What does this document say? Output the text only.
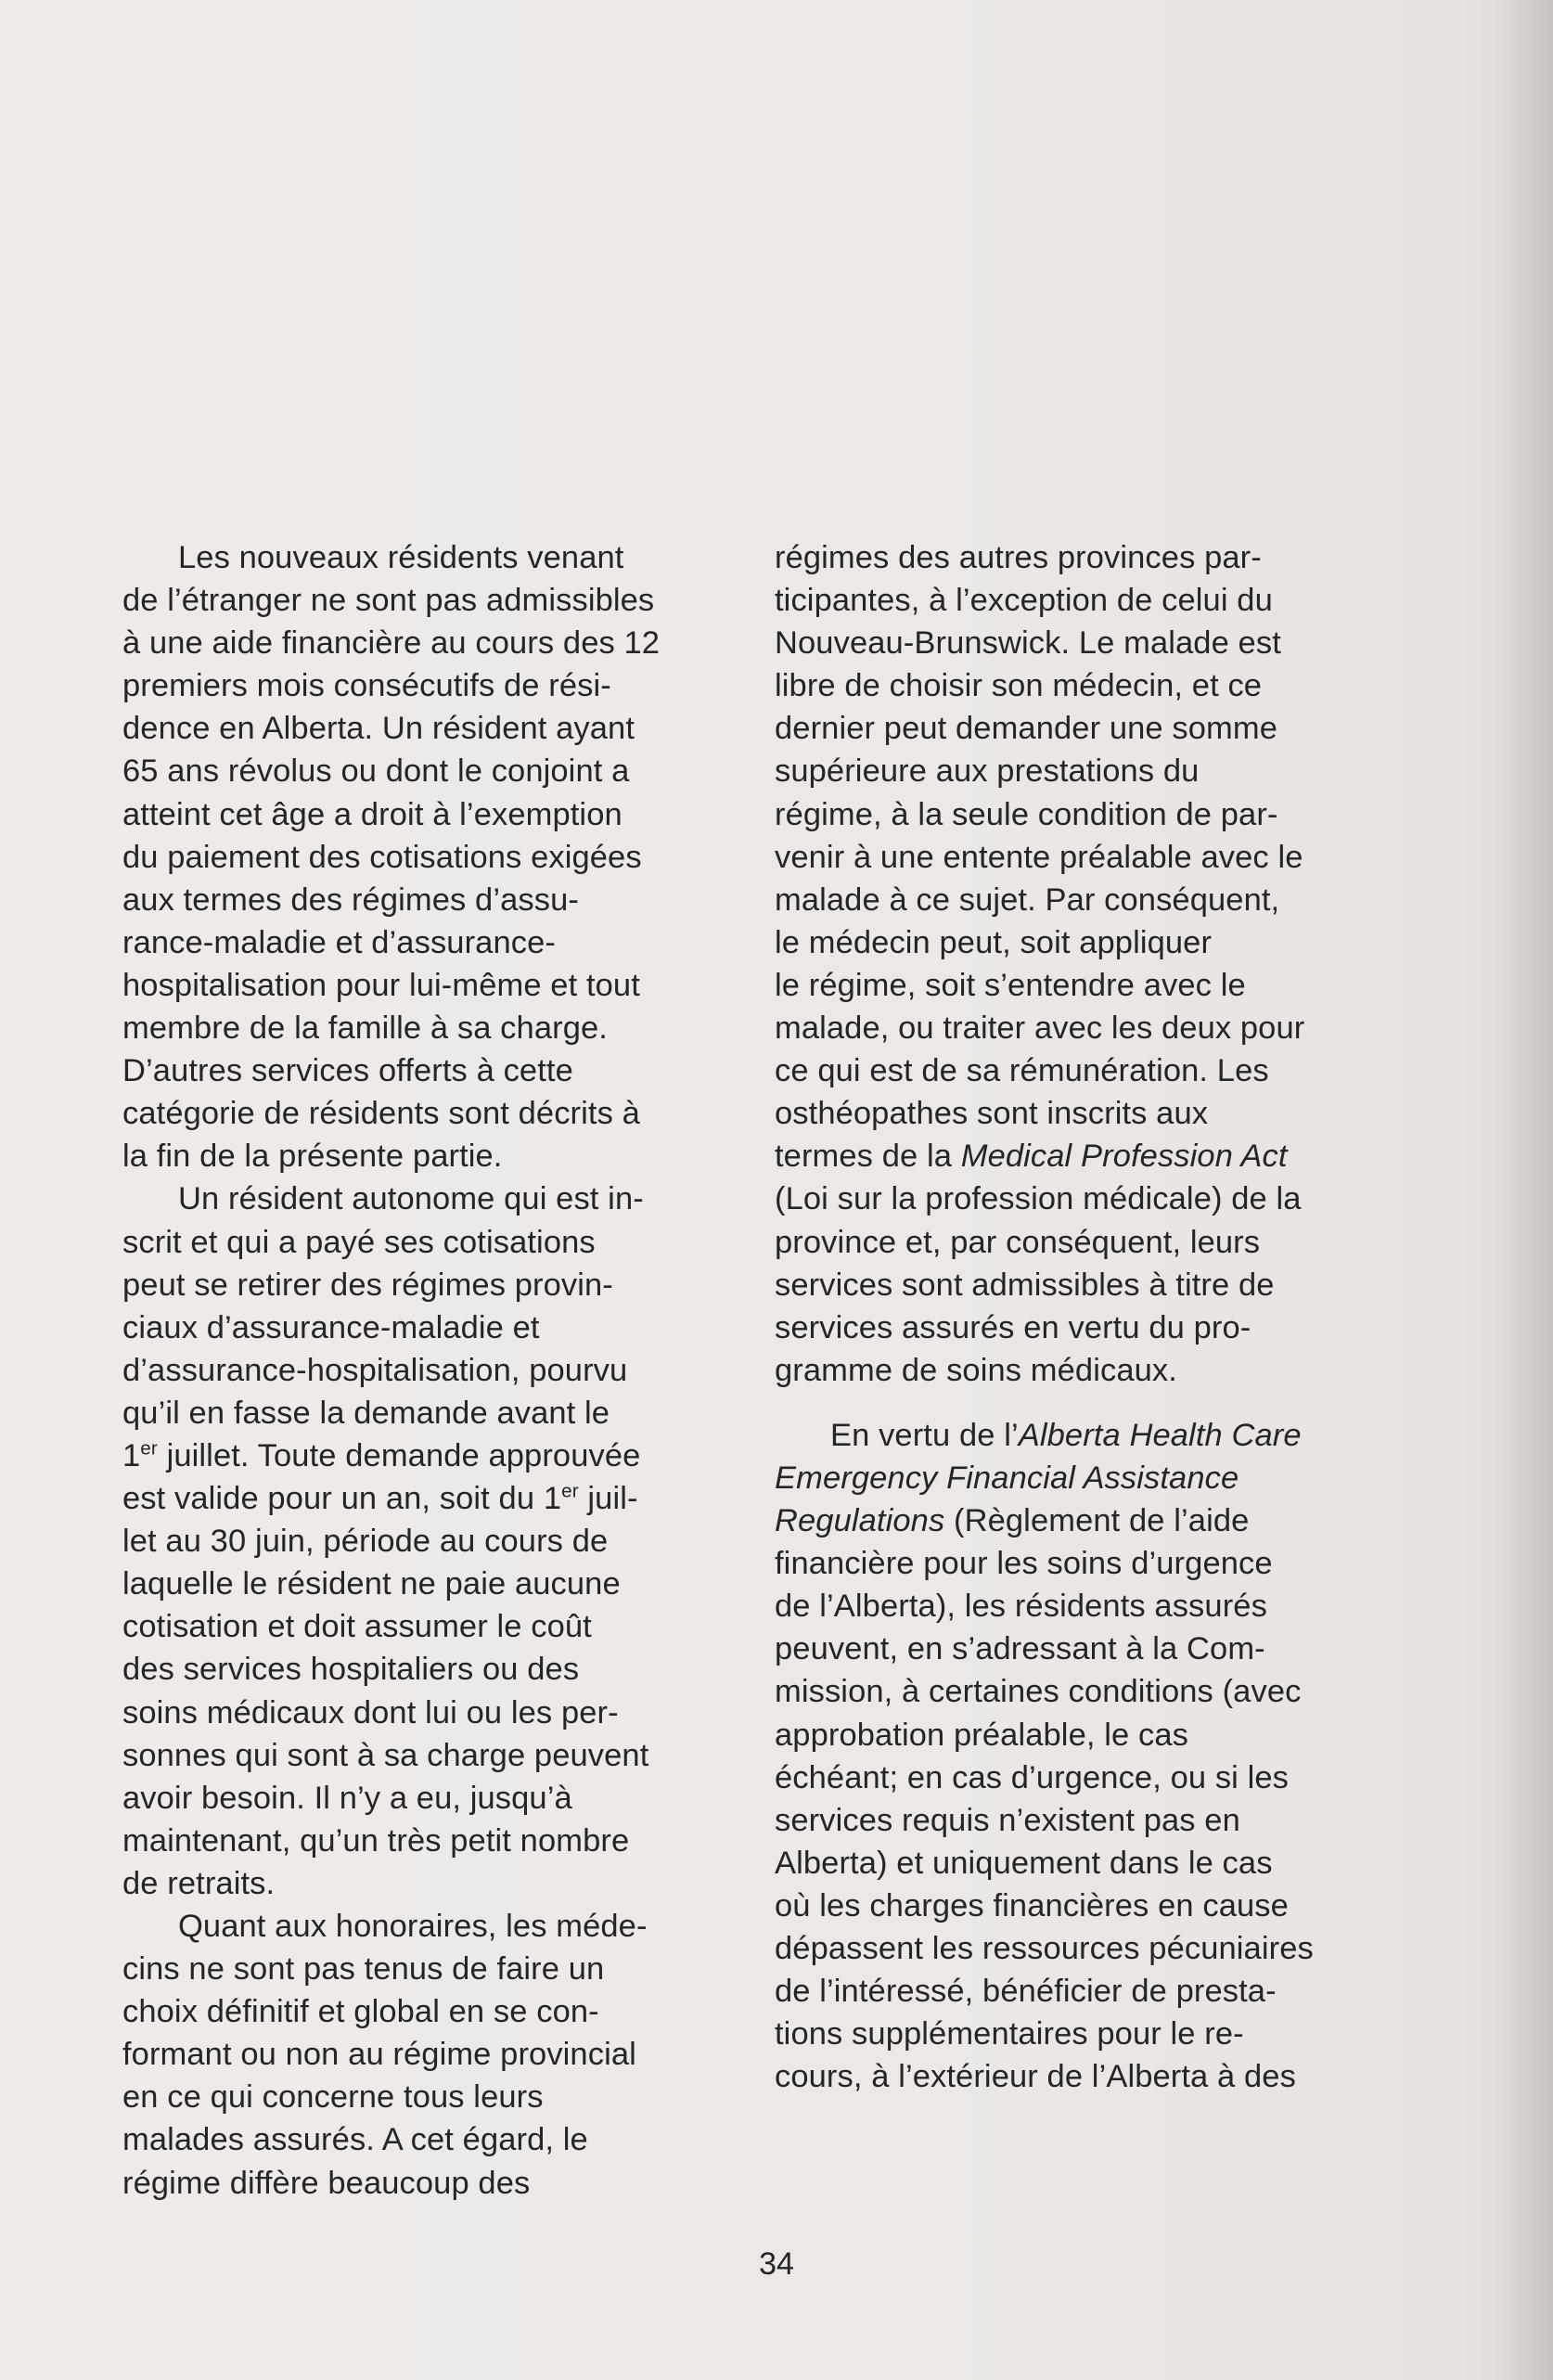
Les nouveaux résidents venant
de l’étranger ne sont pas admissibles
à une aide financière au cours des 12
premiers mois consécutifs de rési-
dence en Alberta. Un résident ayant
65 ans révolus ou dont le conjoint a
atteint cet âge a droit à l’exemption
du paiement des cotisations exigées
aux termes des régimes d’assu-
rance-maladie et d’assurance-
hospitalisation pour lui-même et tout
membre de la famille à sa charge.
D’autres services offerts à cette
catégorie de résidents sont décrits à
la fin de la présente partie.

Un résident autonome qui est in-
scrit et qui a payé ses cotisations
peut se retirer des régimes provin-
ciaux d’assurance-maladie et
d’assurance-hospitalisation, pourvu
qu’il en fasse la demande avant le
1er juillet. Toute demande approuvée
est valide pour un an, soit du 1er juil-
let au 30 juin, période au cours de
laquelle le résident ne paie aucune
cotisation et doit assumer le coût
des services hospitaliers ou des
soins médicaux dont lui ou les per-
sonnes qui sont à sa charge peuvent
avoir besoin. Il n’y a eu, jusqu’à
maintenant, qu’un très petit nombre
de retraits.

Quant aux honoraires, les méde-
cins ne sont pas tenus de faire un
choix définitif et global en se con-
formant ou non au régime provincial
en ce qui concerne tous leurs
malades assurés. A cet égard, le
régime diffère beaucoup des

régimes des autres provinces par-
ticipantes, à l’exception de celui du
Nouveau-Brunswick. Le malade est
libre de choisir son médecin, et ce
dernier peut demander une somme
supérieure aux prestations du
régime, à la seule condition de par-
venir à une entente préalable avec le
malade à ce sujet. Par conséquent,
le médecin peut, soit appliquer
le régime, soit s’entendre avec le
malade, ou traiter avec les deux pour
ce qui est de sa rémunération. Les
osthéopathes sont inscrits aux
termes de la Medical Profession Act
(Loi sur la profession médicale) de la
province et, par conséquent, leurs
services sont admissibles à titre de
services assurés en vertu du pro-
gramme de soins médicaux.

En vertu de l’Alberta Health Care
Emergency Financial Assistance
Regulations (Règlement de l’aide
financière pour les soins d’urgence
de l’Alberta), les résidents assurés
peuvent, en s’adressant à la Com-
mission, à certaines conditions (avec
approbation préalable, le cas
échéant; en cas d’urgence, ou si les
services requis n’existent pas en
Alberta) et uniquement dans le cas
où les charges financières en cause
dépassent les ressources pécuniaires
de l’intéressé, bénéficier de presta-
tions supplémentaires pour le re-
cours, à l’extérieur de l’Alberta à des

34
